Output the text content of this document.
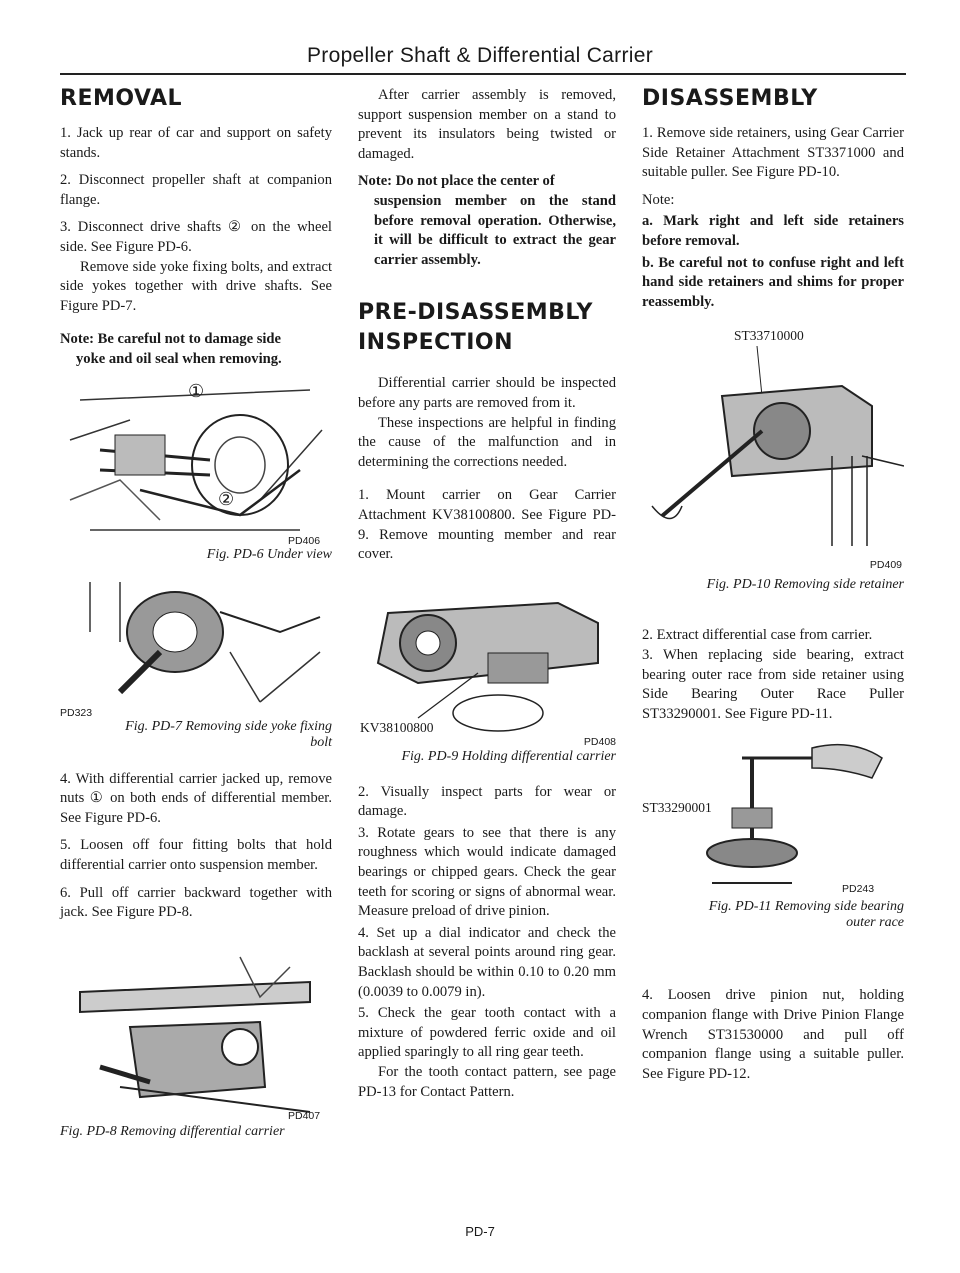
Propeller Shaft & Differential Carrier
REMOVAL

1. Jack up rear of car and support on safety stands.

2. Disconnect propeller shaft at companion flange.

3. Disconnect drive shafts ② on the wheel side. See Figure PD-6.

Remove side yoke fixing bolts, and extract side yokes together with drive shafts. See Figure PD-7.

Note: Be careful not to damage side
yoke and oil seal when removing.
①
②
PD406
Fig. PD-6 Under view
PD323
Fig. PD-7 Removing side yoke fixing
bolt

4. With differential carrier jacked up, remove nuts ① on both ends of differential member. See Figure PD-6.

5. Loosen off four fitting bolts that hold differential carrier onto suspension member.

6. Pull off carrier backward together with jack. See Figure PD-8.

PD407
Fig. PD-8 Removing differential carrier

After carrier assembly is removed, support suspension member on a stand to prevent its insulators being twisted or damaged.

Note: Do not place the center of
suspension member on the stand before removal operation. Otherwise, it will be difficult to extract the gear carrier assembly.
PRE-DISASSEMBLY INSPECTION

Differential carrier should be inspected before any parts are removed from it.

These inspections are helpful in finding the cause of the malfunction and in determining the corrections needed.

1. Mount carrier on Gear Carrier Attachment KV38100800. See Figure PD-9. Remove mounting member and rear cover.

KV38100800
PD408
Fig. PD-9 Holding differential carrier

2. Visually inspect parts for wear or damage.

3. Rotate gears to see that there is any roughness which would indicate damaged bearings or chipped gears. Check the gear teeth for scoring or signs of abnormal wear. Measure preload of drive pinion.

4. Set up a dial indicator and check the backlash at several points around ring gear. Backlash should be within 0.10 to 0.20 mm (0.0039 to 0.0079 in).

5. Check the gear tooth contact with a mixture of powdered ferric oxide and oil applied sparingly to all ring gear teeth.

For the tooth contact pattern, see page PD-13 for Contact Pattern.

DISASSEMBLY

1. Remove side retainers, using Gear Carrier Side Retainer Attachment ST3371000 and suitable puller. See Figure PD-10.

Note:

a. Mark right and left side retainers before removal.

b. Be careful not to confuse right and left hand side retainers and shims for proper reassembly.

ST33710000
PD409
Fig. PD-10 Removing side retainer

2. Extract differential case from carrier.

3. When replacing side bearing, extract bearing outer race from side retainer using Side Bearing Outer Race Puller ST33290001. See Figure PD-11.

ST33290001
PD243
Fig. PD-11 Removing side bearing
outer race

4. Loosen drive pinion nut, holding companion flange with Drive Pinion Flange Wrench ST31530000 and pull off companion flange using a suitable puller. See Figure PD-12.

PD-7
